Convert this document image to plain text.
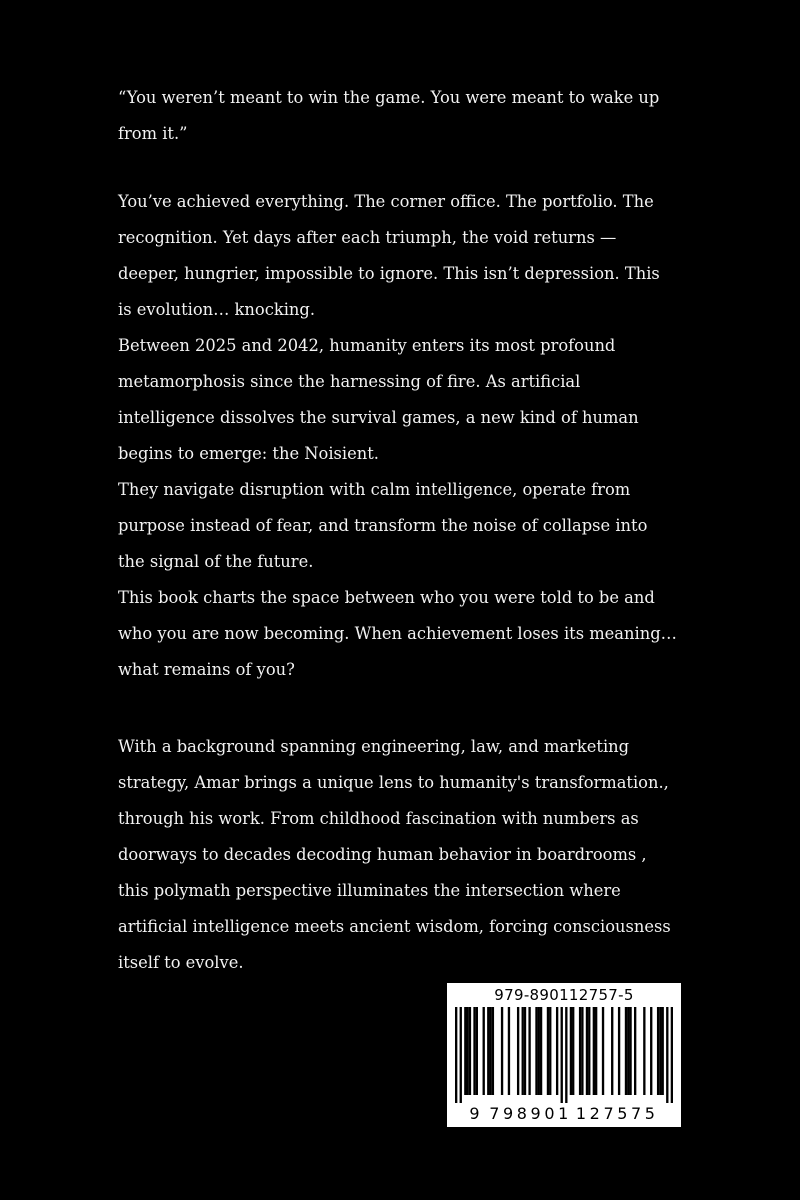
“You weren’t meant to win the game. You were meant to wake up from it.”

You’ve achieved everything. The corner office. The portfolio. The recognition. Yet days after each triumph, the void returns — deeper, hungrier, impossible to ignore. This isn’t depression. This is evolution… knocking.

Between 2025 and 2042, humanity enters its most profound metamorphosis since the harnessing of fire. As artificial intelligence dissolves the survival games, a new kind of human begins to emerge: the Noisient.

They navigate disruption with calm intelligence, operate from purpose instead of fear, and transform the noise of collapse into the signal of the future.

This book charts the space between who you were told to be and who you are now becoming. When achievement loses its meaning… what remains of you?

With a background spanning engineering, law, and marketing strategy, Amar brings a unique lens to humanity's transformation., through his work. From childhood fascination with numbers as doorways to decades decoding human behavior in boardrooms , this polymath perspective illuminates the intersection where artificial intelligence meets ancient wisdom, forcing consciousness itself to evolve.

979-890112757-5
9 798901 127575
